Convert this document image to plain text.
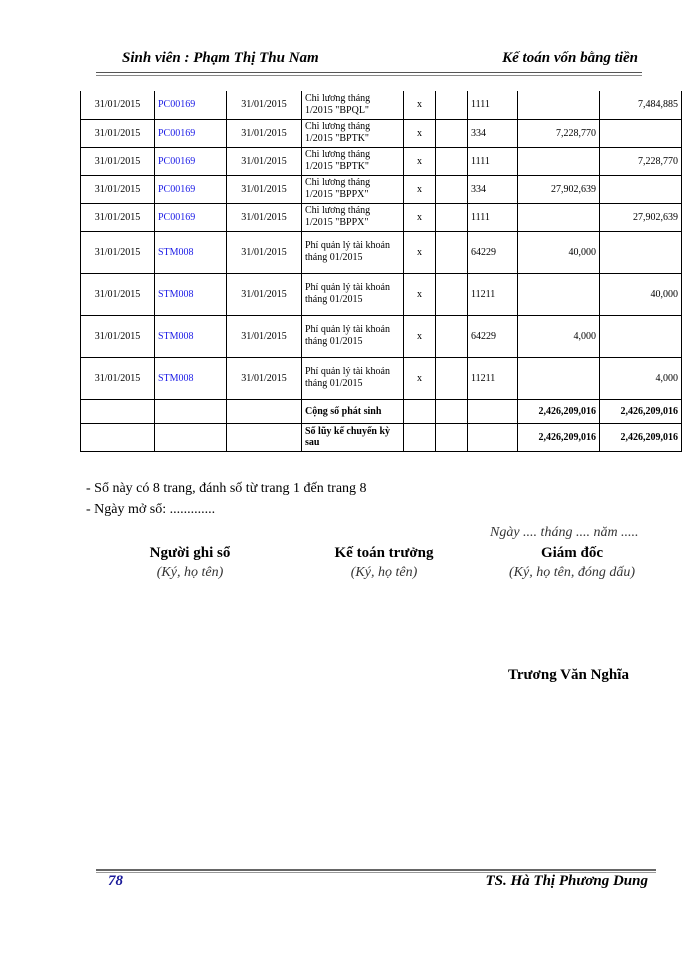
Sinh viên : Phạm Thị Thu Nam	Kế toán vốn bằng tiền
31/01/2015	PC00169	31/01/2015	Chi lương tháng 1/2015 "BPQL"	x		1111		7,484,885
31/01/2015	PC00169	31/01/2015	Chi lương tháng 1/2015 "BPTK"	x		334	7,228,770	
31/01/2015	PC00169	31/01/2015	Chi lương tháng 1/2015 "BPTK"	x		1111		7,228,770
31/01/2015	PC00169	31/01/2015	Chi lương tháng 1/2015 "BPPX"	x		334	27,902,639	
31/01/2015	PC00169	31/01/2015	Chi lương tháng 1/2015 "BPPX"	x		1111		27,902,639
31/01/2015	STM008	31/01/2015	Phí quản lý tài khoản tháng 01/2015	x		64229	40,000	
31/01/2015	STM008	31/01/2015	Phí quản lý tài khoản tháng 01/2015	x		11211		40,000
31/01/2015	STM008	31/01/2015	Phí quản lý tài khoản tháng 01/2015	x		64229	4,000	
31/01/2015	STM008	31/01/2015	Phí quản lý tài khoản tháng 01/2015	x		11211		4,000
			Cộng số phát sinh				2,426,209,016	2,426,209,016
			Số lũy kế chuyển kỳ sau				2,426,209,016	2,426,209,016
- Sổ này có 8 trang, đánh số từ trang 1 đến trang 8
- Ngày mở sổ: .............
Ngày .... tháng .... năm .....
Người ghi sổ
(Ký, họ tên)
Kế toán trưởng
(Ký, họ tên)
Giám đốc
(Ký, họ tên, đóng dấu)
Trương Văn Nghĩa
78	TS. Hà Thị Phương Dung
